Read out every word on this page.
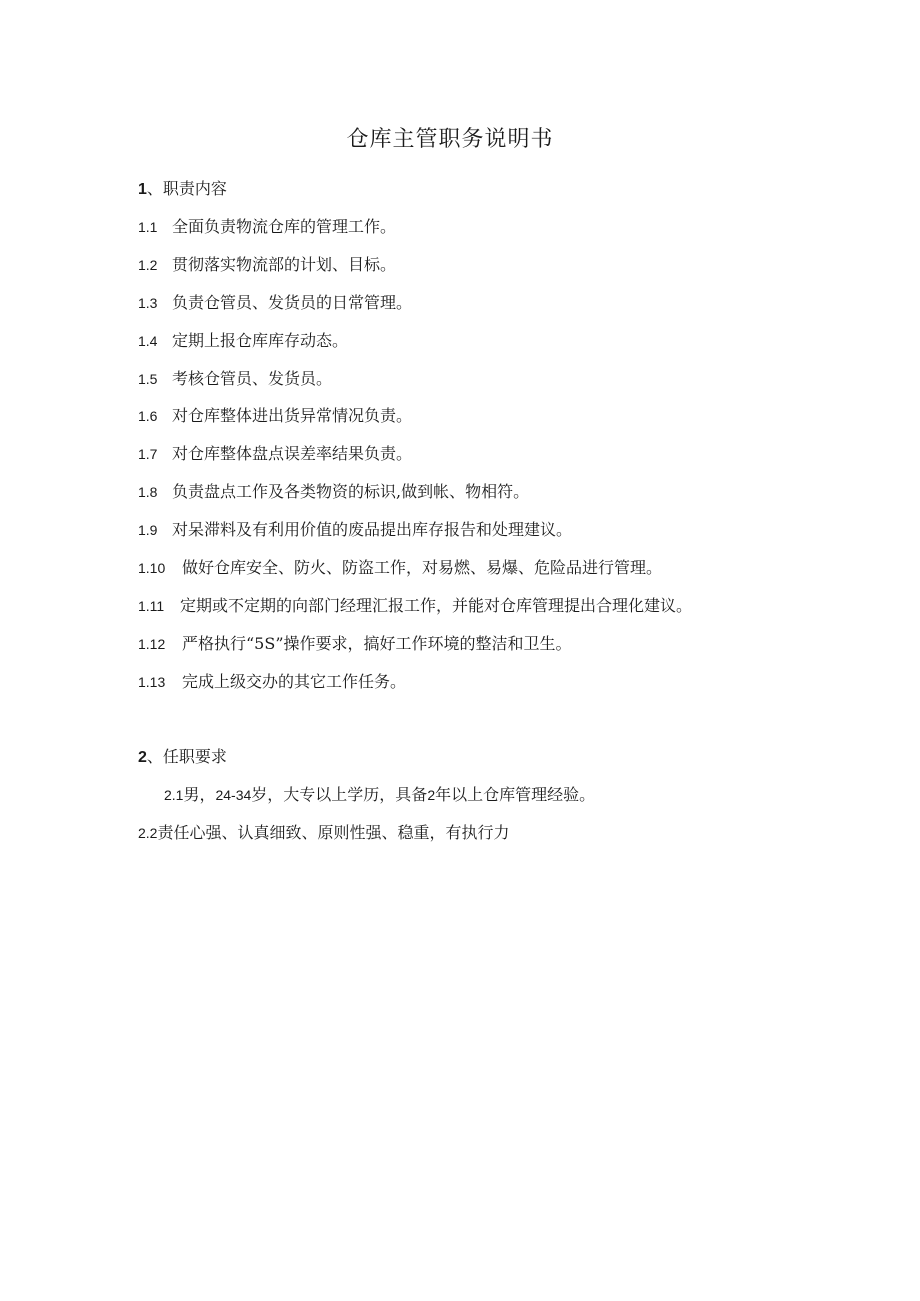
仓库主管职务说明书
1、职责内容
1.1 全面负责物流仓库的管理工作。
1.2 贯彻落实物流部的计划、目标。
1.3 负责仓管员、发货员的日常管理。
1.4 定期上报仓库库存动态。
1.5 考核仓管员、发货员。
1.6 对仓库整体进出货异常情况负责。
1.7 对仓库整体盘点误差率结果负责。
1.8 负责盘点工作及各类物资的标识,做到帐、物相符。
1.9 对呆滞料及有利用价值的废品提出库存报告和处理建议。
1.10 做好仓库安全、防火、防盗工作，对易燃、易爆、危险品进行管理。
1.11 定期或不定期的向部门经理汇报工作，并能对仓库管理提出合理化建议。
1.12 严格执行“5S”操作要求，搞好工作环境的整洁和卫生。
1.13 完成上级交办的其它工作任务。
2、任职要求
2.1男，24-34岁，大专以上学历，具备2年以上仓库管理经验。
2.2责任心强、认真细致、原则性强、稳重，有执行力
